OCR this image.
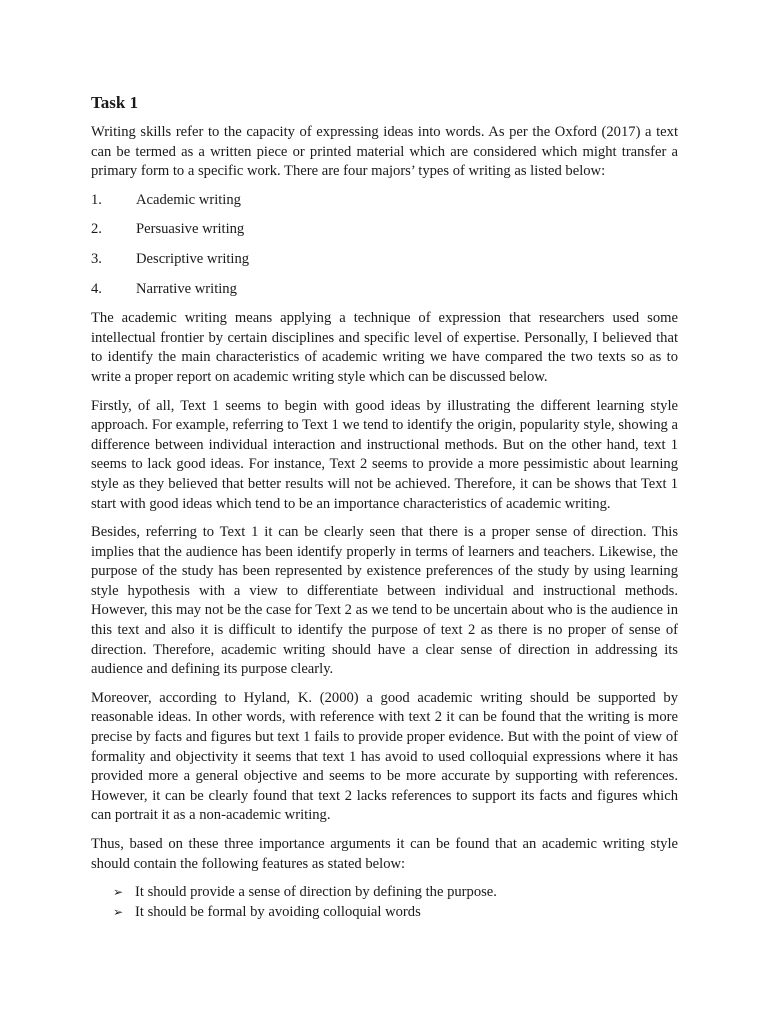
Task 1

Writing skills refer to the capacity of expressing ideas into words. As per the Oxford (2017) a text can be termed as a written piece or printed material which are considered which might transfer a primary form to a specific work. There are four majors’ types of writing as listed below:

1.	Academic writing
2.	Persuasive writing
3.	Descriptive writing
4.	Narrative writing

The academic writing means applying a technique of expression that researchers used some intellectual frontier by certain disciplines and specific level of expertise. Personally, I believed that to identify the main characteristics of academic writing we have compared the two texts so as to write a proper report on academic writing style which can be discussed below.

Firstly, of all, Text 1 seems to begin with good ideas by illustrating the different learning style approach. For example, referring to Text 1 we tend to identify the origin, popularity style, showing a difference between individual interaction and instructional methods. But on the other hand, text 1 seems to lack good ideas. For instance, Text 2 seems to provide a more pessimistic about learning style as they believed that better results will not be achieved. Therefore, it can be shows that Text 1 start with good ideas which tend to be an importance characteristics of academic writing.

Besides, referring to Text 1 it can be clearly seen that there is a proper sense of direction. This implies that the audience has been identify properly in terms of learners and teachers. Likewise, the purpose of the study has been represented by existence preferences of the study by using learning style hypothesis with a view to differentiate between individual and instructional methods. However, this may not be the case for Text 2 as we tend to be uncertain about who is the audience in this text and also it is difficult to identify the purpose of text 2 as there is no proper of sense of direction. Therefore, academic writing should have a clear sense of direction in addressing its audience and defining its purpose clearly.

Moreover, according to Hyland, K. (2000) a good academic writing should be supported by reasonable ideas. In other words, with reference with text 2 it can be found that the writing is more precise by facts and figures but text 1 fails to provide proper evidence. But with the point of view of formality and objectivity it seems that text 1 has avoid to used colloquial expressions where it has provided more a general objective and seems to be more accurate by supporting with references. However, it can be clearly found that text 2 lacks references to support its facts and figures which can portrait it as a non-academic writing.

Thus, based on these three importance arguments it can be found that an academic writing style should contain the following features as stated below:

➢ It should provide a sense of direction by defining the purpose.
➢ It should be formal by avoiding colloquial words
